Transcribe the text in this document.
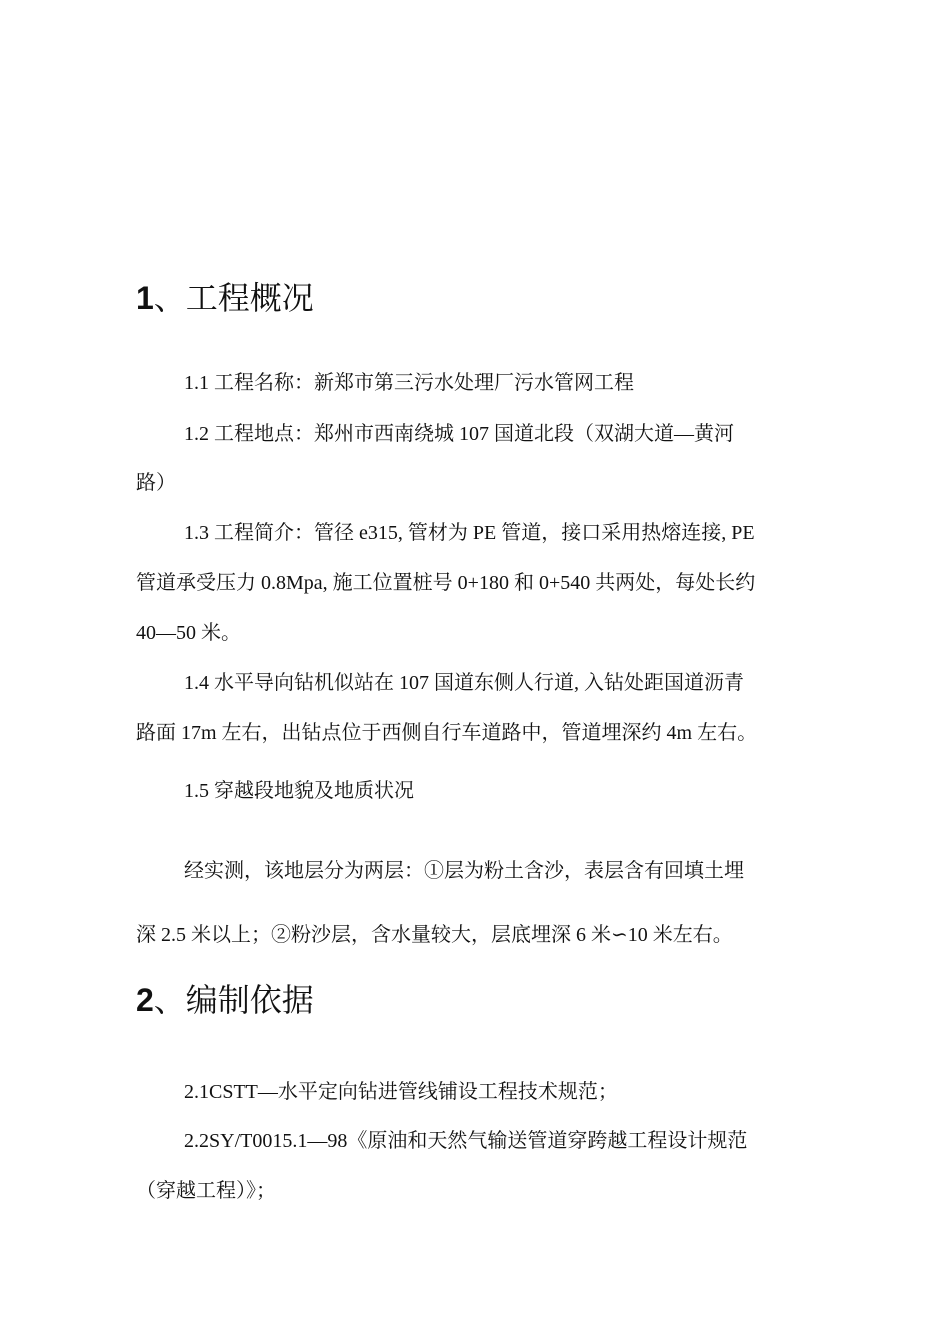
1、工程概况
1.1 工程名称：新郑市第三污水处理厂污水管网工程
1.2 工程地点：郑州市西南绕城 107 国道北段（双湖大道—黄河
路）
1.3 工程简介：管径 e315, 管材为 PE 管道，接口采用热熔连接, PE
管道承受压力 0.8Mpa, 施工位置桩号 0+180 和 0+540 共两处，每处长约
40—50 米。
1.4 水平导向钻机似站在 107 国道东侧人行道, 入钻处距国道沥青
路面 17m 左右，出钻点位于西侧自行车道路中，管道埋深约 4m 左右。
1.5 穿越段地貌及地质状况
经实测，该地层分为两层：①层为粉土含沙，表层含有回填土埋
深 2.5 米以上；②粉沙层，含水量较大，层底埋深 6 米∽10 米左右。
2、编制依据
2.1CSTT—水平定向钻进管线铺设工程技术规范；
2.2SY/T0015.1—98《原油和天然气输送管道穿跨越工程设计规范
（穿越工程）》；
